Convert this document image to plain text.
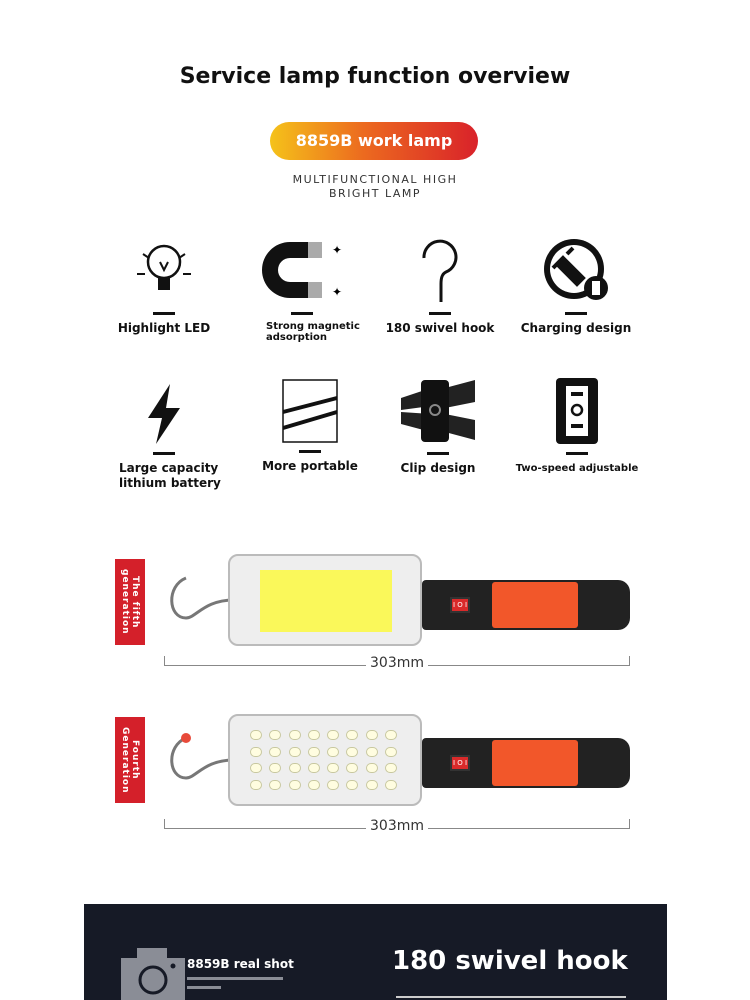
Service lamp function overview
8859B work lamp
MULTIFUNCTIONAL HIGH
BRIGHT LAMP
Highlight LED
✦
✦
Strong magnetic adsorption
180 swivel hook	Charging design
Large capacity lithium battery
More portable	Clip design	Two-speed adjustable
The fifth generation	I O I
303mm
Fourth Generation	I O I
303mm
8859B real shot	180 swivel hook
